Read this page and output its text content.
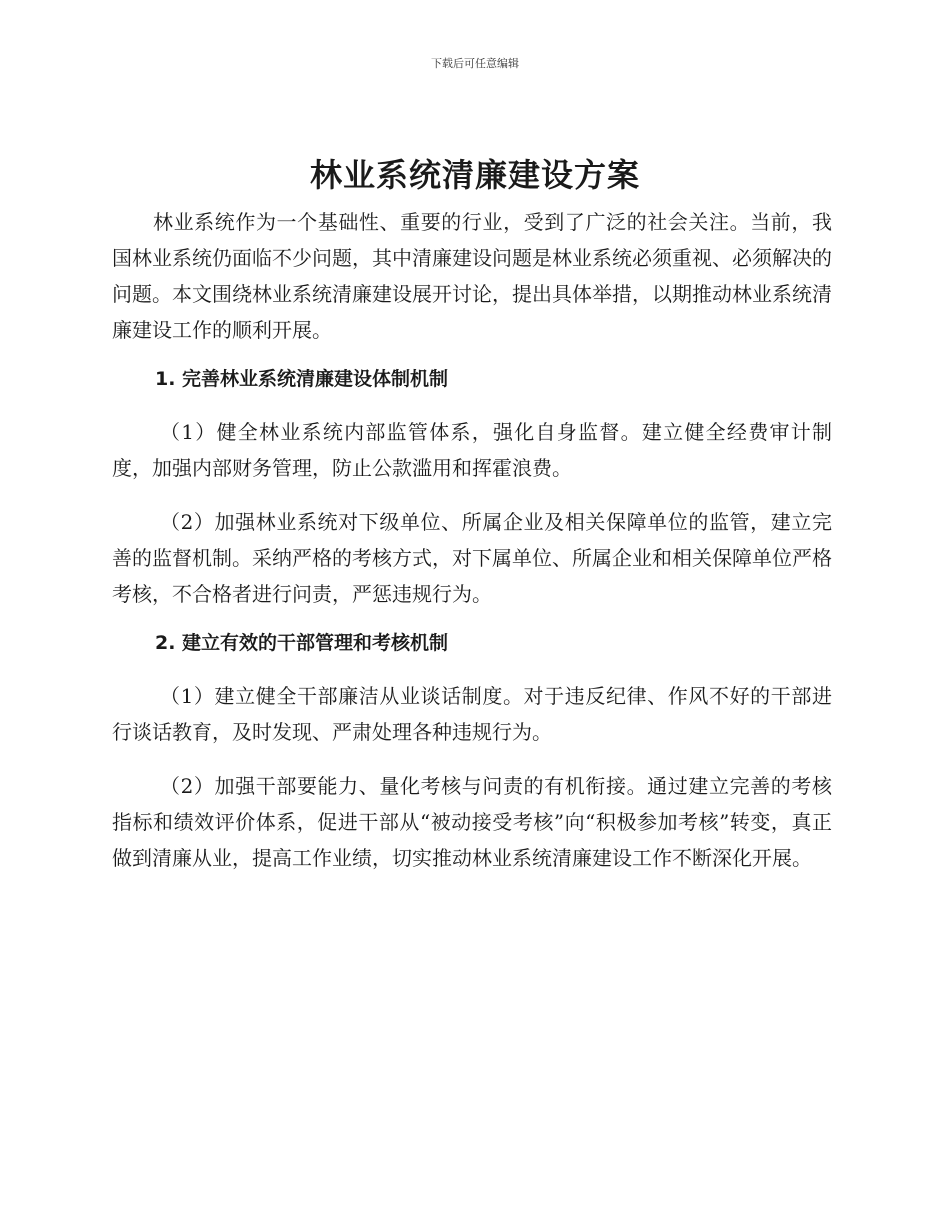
下载后可任意编辑
林业系统清廉建设方案

林业系统作为一个基础性、重要的行业，受到了广泛的社会关注。当前，我国林业系统仍面临不少问题，其中清廉建设问题是林业系统必须重视、必须解决的问题。本文围绕林业系统清廉建设展开讨论，提出具体举措，以期推动林业系统清廉建设工作的顺利开展。

1. 完善林业系统清廉建设体制机制

（1）健全林业系统内部监管体系，强化自身监督。建立健全经费审计制度，加强内部财务管理，防止公款滥用和挥霍浪费。

（2）加强林业系统对下级单位、所属企业及相关保障单位的监管，建立完善的监督机制。采纳严格的考核方式，对下属单位、所属企业和相关保障单位严格考核，不合格者进行问责，严惩违规行为。

2. 建立有效的干部管理和考核机制

（1）建立健全干部廉洁从业谈话制度。对于违反纪律、作风不好的干部进行谈话教育，及时发现、严肃处理各种违规行为。

（2）加强干部要能力、量化考核与问责的有机衔接。通过建立完善的考核指标和绩效评价体系，促进干部从“被动接受考核”向“积极参加考核”转变，真正做到清廉从业，提高工作业绩，切实推动林业系统清廉建设工作不断深化开展。
